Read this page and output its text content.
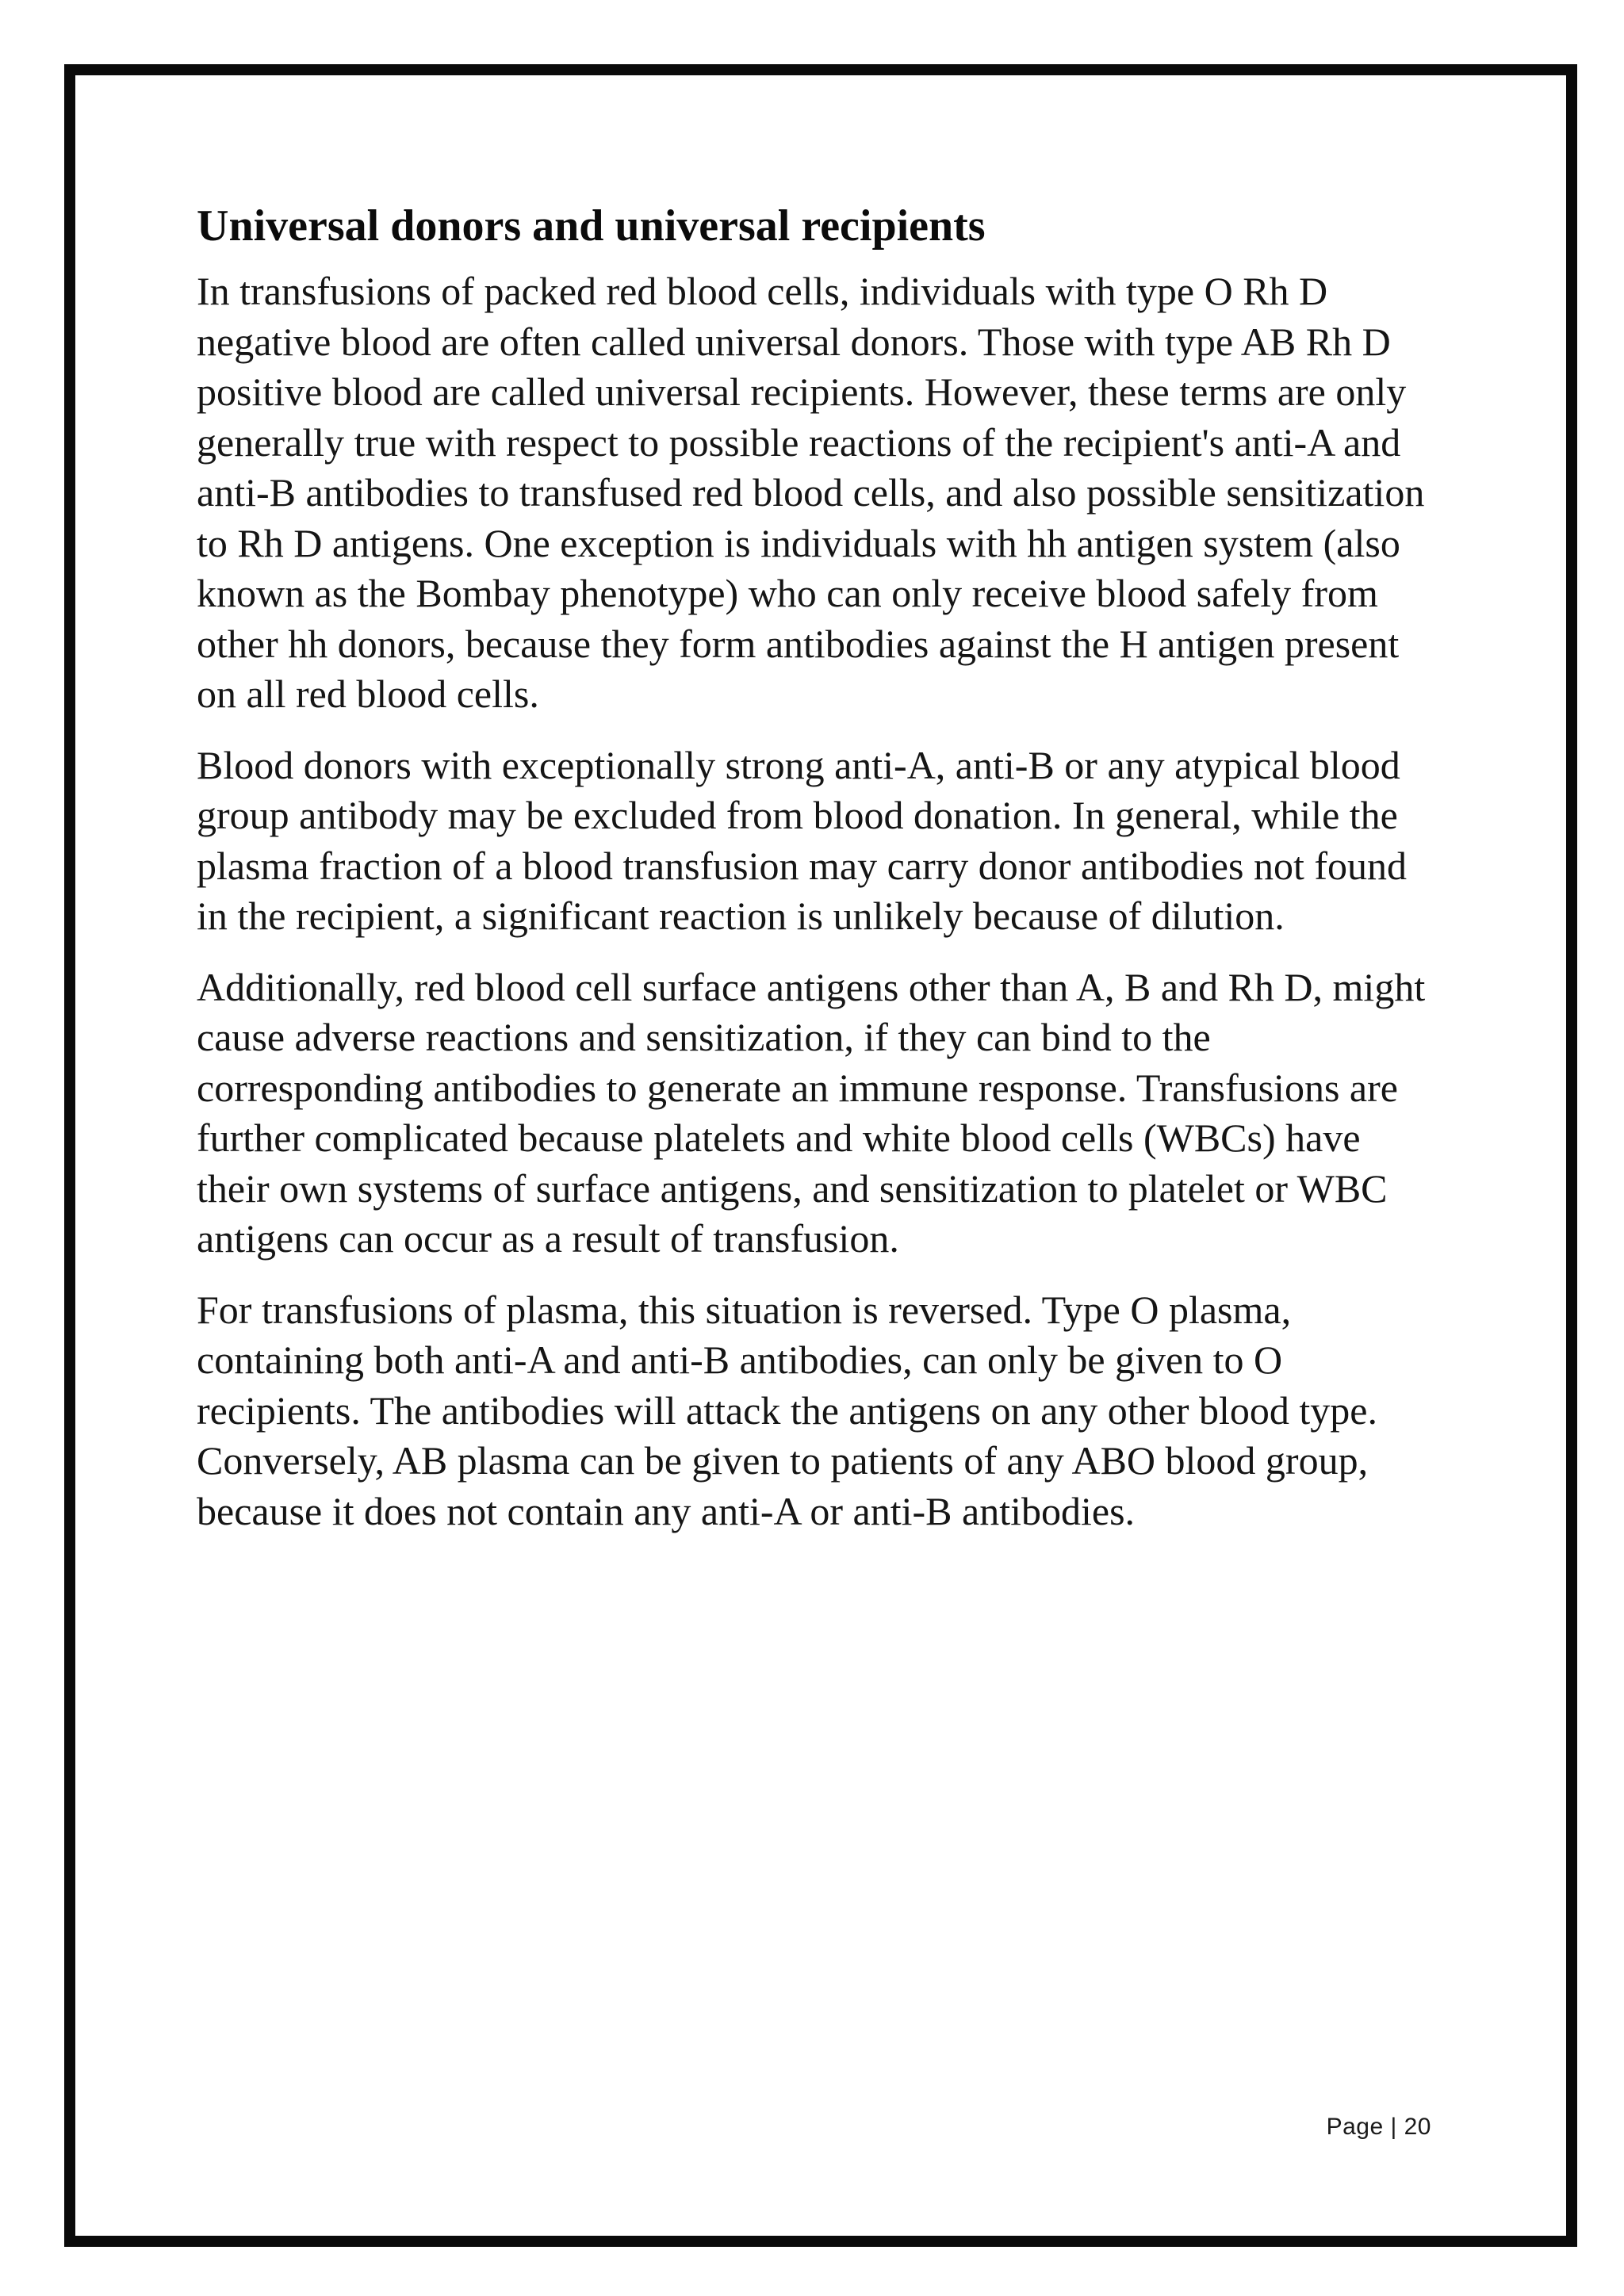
Universal donors and universal recipients

In transfusions of packed red blood cells, individuals with type O Rh D negative blood are often called universal donors. Those with type AB Rh D positive blood are called universal recipients. However, these terms are only generally true with respect to possible reactions of the recipient's anti-A and anti-B antibodies to transfused red blood cells, and also possible sensitization to Rh D antigens. One exception is individuals with hh antigen system (also known as the Bombay phenotype) who can only receive blood safely from other hh donors, because they form antibodies against the H antigen present on all red blood cells.

Blood donors with exceptionally strong anti-A, anti-B or any atypical blood group antibody may be excluded from blood donation. In general, while the plasma fraction of a blood transfusion may carry donor antibodies not found in the recipient, a significant reaction is unlikely because of dilution.

Additionally, red blood cell surface antigens other than A, B and Rh D, might cause adverse reactions and sensitization, if they can bind to the corresponding antibodies to generate an immune response. Transfusions are further complicated because platelets and white blood cells (WBCs) have their own systems of surface antigens, and sensitization to platelet or WBC antigens can occur as a result of transfusion.

For transfusions of plasma, this situation is reversed. Type O plasma, containing both anti-A and anti-B antibodies, can only be given to O recipients. The antibodies will attack the antigens on any other blood type. Conversely, AB plasma can be given to patients of any ABO blood group, because it does not contain any anti-A or anti-B antibodies.

Page | 20
